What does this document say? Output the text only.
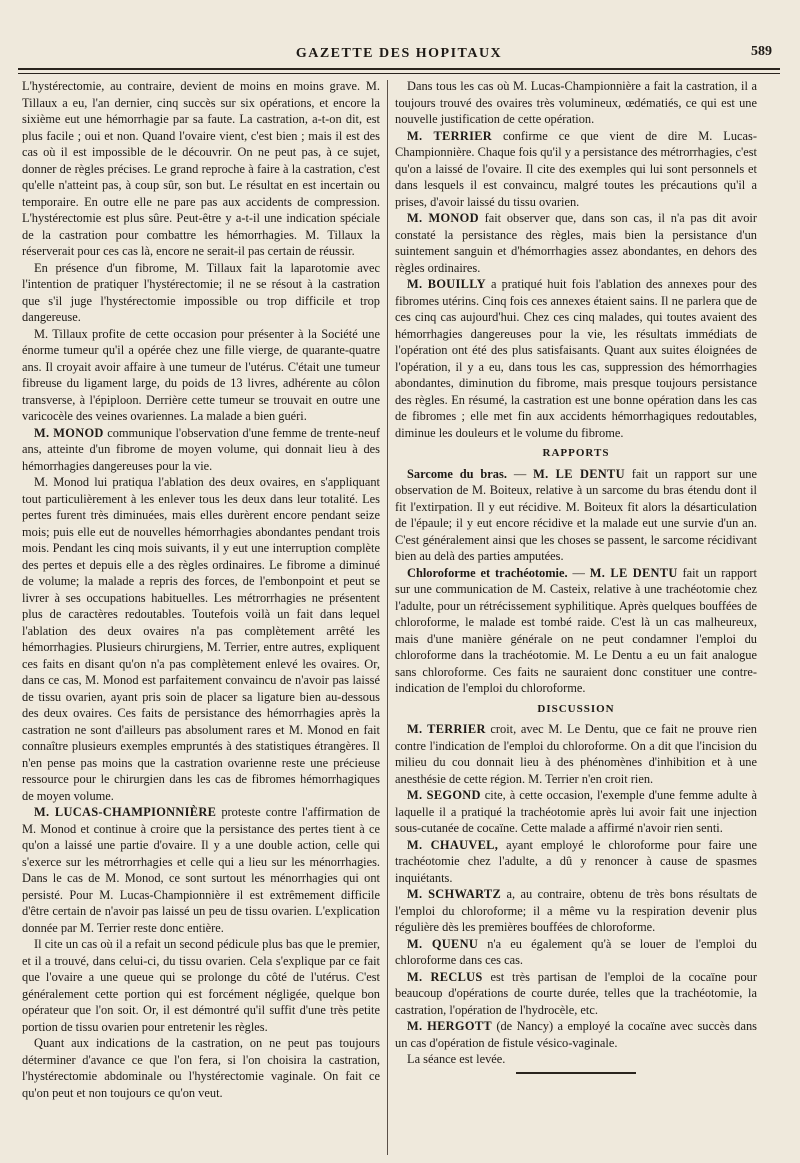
GAZETTE DES HOPITAUX	589

L'hystérectomie, au contraire, devient de moins en moins grave. M. Tillaux a eu, l'an dernier, cinq succès sur six opérations, et encore la sixième eut une hémorrhagie par sa faute. La castration, a-t-on dit, est plus facile ; oui et non. Quand l'ovaire vient, c'est bien ; mais il est des cas où il est impossible de le découvrir. On ne peut pas, à ce sujet, donner de règles précises. Le grand reproche à faire à la castration, c'est qu'elle n'atteint pas, à coup sûr, son but. Le résultat en est incertain ou temporaire. En outre elle ne pare pas aux accidents de compression. L'hystérectomie est plus sûre. Peut-être y a-t-il une indication spéciale de la castration pour combattre les hémorrhagies. M. Tillaux la réserverait pour ces cas là, encore ne serait-il pas certain de réussir.

En présence d'un fibrome, M. Tillaux fait la laparotomie avec l'intention de pratiquer l'hystérectomie; il ne se résout à la castration que s'il juge l'hystérectomie impossible ou trop difficile et trop dangereuse.

M. Tillaux profite de cette occasion pour présenter à la Société une énorme tumeur qu'il a opérée chez une fille vierge, de quarante-quatre ans. Il croyait avoir affaire à une tumeur de l'utérus. C'était une tumeur fibreuse du ligament large, du poids de 13 livres, adhérente au côlon transverse, à l'épiploon. Derrière cette tumeur se trouvait en outre une varicocèle des veines ovariennes. La malade a bien guéri.

M. MONOD communique l'observation d'une femme de trente-neuf ans, atteinte d'un fibrome de moyen volume, qui donnait lieu à des hémorrhagies dangereuses pour la vie.

M. Monod lui pratiqua l'ablation des deux ovaires, en s'appliquant tout particulièrement à les enlever tous les deux dans leur totalité. Les pertes furent très diminuées, mais elles durèrent encore pendant seize mois; puis elle eut de nouvelles hémorrhagies abondantes pendant trois mois. Pendant les cinq mois suivants, il y eut une interruption complète des pertes et depuis elle a des règles ordinaires. Le fibrome a diminué de volume; la malade a repris des forces, de l'embonpoint et peut se livrer à ses occupations habituelles. Les métrorrhagies ne présentent plus de caractères redoutables. Toutefois voilà un fait dans lequel l'ablation des deux ovaires n'a pas complètement arrêté les hémorrhagies. Plusieurs chirurgiens, M. Terrier, entre autres, expliquent ces faits en disant qu'on n'a pas complètement enlevé les ovaires. Or, dans ce cas, M. Monod est parfaitement convaincu de n'avoir pas laissé de tissu ovarien, ayant pris soin de placer sa ligature bien au-dessous des deux ovaires. Ces faits de persistance des hémorrhagies après la castration ne sont d'ailleurs pas absolument rares et M. Monod en fait connaître plusieurs exemples empruntés à des statistiques étrangères. Il n'en pense pas moins que la castration ovarienne reste une précieuse ressource pour le chirurgien dans les cas de fibromes hémorrhagiques de moyen volume.

M. LUCAS-CHAMPIONNIÈRE proteste contre l'affirmation de M. Monod et continue à croire que la persistance des pertes tient à ce qu'on a laissé une partie d'ovaire. Il y a une double action, celle qui s'exerce sur les métrorrhagies et celle qui a lieu sur les ménorrhagies. Dans le cas de M. Monod, ce sont surtout les ménorrhagies qui ont persisté. Pour M. Lucas-Championnière il est extrêmement difficile d'être certain de n'avoir pas laissé un peu de tissu ovarien. L'explication donnée par M. Terrier reste donc entière.

Il cite un cas où il a refait un second pédicule plus bas que le premier, et il a trouvé, dans celui-ci, du tissu ovarien. Cela s'explique par ce fait que l'ovaire a une queue qui se prolonge du côté de l'utérus. C'est généralement cette portion qui est forcément négligée, quelque bon opérateur que l'on soit. Or, il est démontré qu'il suffit d'une très petite portion de tissu ovarien pour entretenir les règles.

Quant aux indications de la castration, on ne peut pas toujours déterminer d'avance ce que l'on fera, si l'on choisira la castration, l'hystérectomie abdominale ou l'hystérectomie vaginale. On fait ce qu'on peut et non toujours ce qu'on veut.

Dans tous les cas où M. Lucas-Championnière a fait la castration, il a toujours trouvé des ovaires très volumineux, œdématiés, ce qui est une nouvelle justification de cette opération.

M. TERRIER confirme ce que vient de dire M. Lucas-Championnière. Chaque fois qu'il y a persistance des métrorrhagies, c'est qu'on a laissé de l'ovaire. Il cite des exemples qui lui sont personnels et dans lesquels il est convaincu, malgré toutes les précautions qu'il a prises, d'avoir laissé du tissu ovarien.

M. MONOD fait observer que, dans son cas, il n'a pas dit avoir constaté la persistance des règles, mais bien la persistance d'un suintement sanguin et d'hémorrhagies assez abondantes, en dehors des règles ordinaires.

M. BOUILLY a pratiqué huit fois l'ablation des annexes pour des fibromes utérins. Cinq fois ces annexes étaient sains. Il ne parlera que de ces cinq cas aujourd'hui. Chez ces cinq malades, qui toutes avaient des hémorrhagies dangereuses pour la vie, les résultats immédiats de l'opération ont été des plus satisfaisants. Quant aux suites éloignées de l'opération, il y a eu, dans tous les cas, suppression des hémorrhagies abondantes, diminution du fibrome, mais presque toujours persistance des règles. En résumé, la castration est une bonne opération dans les cas de fibromes ; elle met fin aux accidents hémorrhagiques redoutables, diminue les douleurs et le volume du fibrome.

RAPPORTS

Sarcome du bras. — M. LE DENTU fait un rapport sur une observation de M. Boiteux, relative à un sarcome du bras étendu dont il fit l'extirpation. Il y eut récidive. M. Boiteux fit alors la désarticulation de l'épaule; il y eut encore récidive et la malade eut une survie d'un an. C'est généralement ainsi que les choses se passent, le sarcome récidivant bien au delà des parties amputées.

Chloroforme et trachéotomie. — M. LE DENTU fait un rapport sur une communication de M. Casteix, relative à une trachéotomie chez l'adulte, pour un rétrécissement syphilitique. Après quelques bouffées de chloroforme, le malade est tombé raide. C'est là un cas malheureux, mais d'une manière générale on ne peut condamner l'emploi du chloroforme dans la trachéotomie. M. Le Dentu a eu un fait analogue sans chloroforme. Ces faits ne sauraient donc constituer une contre-indication de l'emploi du chloroforme.

DISCUSSION

M. TERRIER croit, avec M. Le Dentu, que ce fait ne prouve rien contre l'indication de l'emploi du chloroforme. On a dit que l'incision du milieu du cou donnait lieu à des phénomènes d'inhibition et à une anesthésie de cette région. M. Terrier n'en croit rien.

M. SEGOND cite, à cette occasion, l'exemple d'une femme adulte à laquelle il a pratiqué la trachéotomie après lui avoir fait une injection sous-cutanée de cocaïne. Cette malade a affirmé n'avoir rien senti.

M. CHAUVEL, ayant employé le chloroforme pour faire une trachéotomie chez l'adulte, a dû y renoncer à cause de spasmes inquiétants.

M. SCHWARTZ a, au contraire, obtenu de très bons résultats de l'emploi du chloroforme; il a même vu la respiration devenir plus régulière dès les premières bouffées de chloroforme.

M. QUENU n'a eu également qu'à se louer de l'emploi du chloroforme dans ces cas.

M. RECLUS est très partisan de l'emploi de la cocaïne pour beaucoup d'opérations de courte durée, telles que la trachéotomie, la castration, l'opération de l'hydrocèle, etc.

M. HERGOTT (de Nancy) a employé la cocaïne avec succès dans un cas d'opération de fistule vésico-vaginale.

La séance est levée.
